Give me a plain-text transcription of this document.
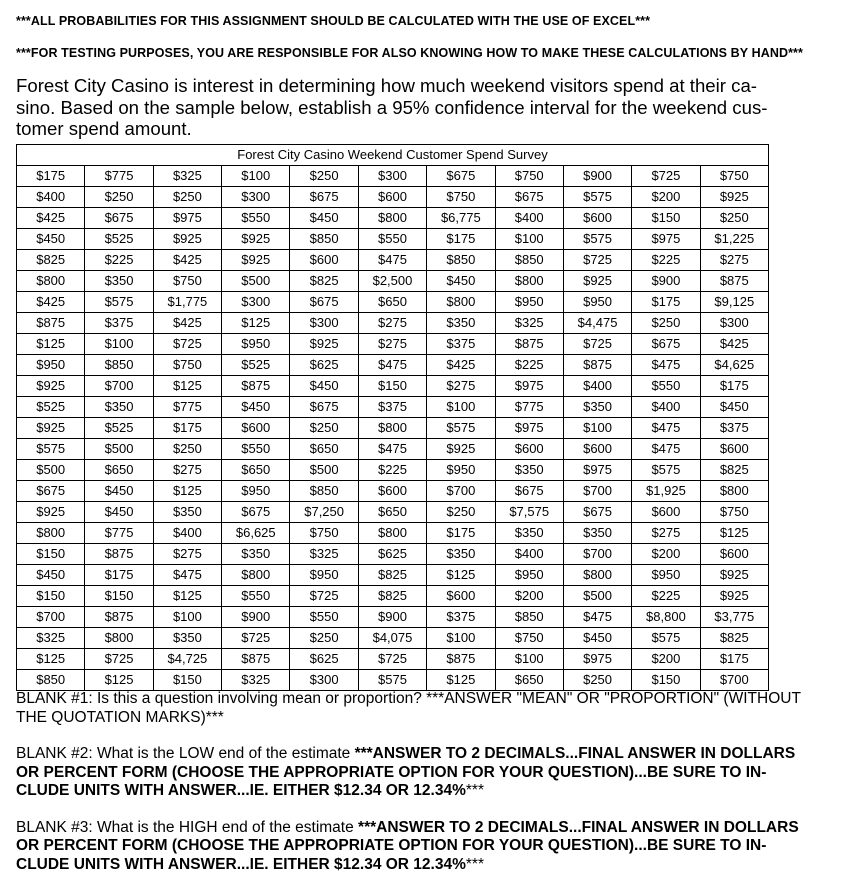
***ALL PROBABILITIES FOR THIS ASSIGNMENT SHOULD BE CALCULATED WITH THE USE OF EXCEL***
***FOR TESTING PURPOSES, YOU ARE RESPONSIBLE FOR ALSO KNOWING HOW TO MAKE THESE CALCULATIONS BY HAND***
Forest City Casino is interest in determining how much weekend visitors spend at their ca-
sino. Based on the sample below, establish a 95% confidence interval for the weekend cus-
tomer spend amount.
Forest City Casino Weekend Customer Spend Survey										
$175	$775	$325	$100	$250	$300	$675	$750	$900	$725	$750
$400	$250	$250	$300	$675	$600	$750	$675	$575	$200	$925
$425	$675	$975	$550	$450	$800	$6,775	$400	$600	$150	$250
$450	$525	$925	$925	$850	$550	$175	$100	$575	$975	$1,225
$825	$225	$425	$925	$600	$475	$850	$850	$725	$225	$275
$800	$350	$750	$500	$825	$2,500	$450	$800	$925	$900	$875
$425	$575	$1,775	$300	$675	$650	$800	$950	$950	$175	$9,125
$875	$375	$425	$125	$300	$275	$350	$325	$4,475	$250	$300
$125	$100	$725	$950	$925	$275	$375	$875	$725	$675	$425
$950	$850	$750	$525	$625	$475	$425	$225	$875	$475	$4,625
$925	$700	$125	$875	$450	$150	$275	$975	$400	$550	$175
$525	$350	$775	$450	$675	$375	$100	$775	$350	$400	$450
$925	$525	$175	$600	$250	$800	$575	$975	$100	$475	$375
$575	$500	$250	$550	$650	$475	$925	$600	$600	$475	$600
$500	$650	$275	$650	$500	$225	$950	$350	$975	$575	$825
$675	$450	$125	$950	$850	$600	$700	$675	$700	$1,925	$800
$925	$450	$350	$675	$7,250	$650	$250	$7,575	$675	$600	$750
$800	$775	$400	$6,625	$750	$800	$175	$350	$350	$275	$125
$150	$875	$275	$350	$325	$625	$350	$400	$700	$200	$600
$450	$175	$475	$800	$950	$825	$125	$950	$800	$950	$925
$150	$150	$125	$550	$725	$825	$600	$200	$500	$225	$925
$700	$875	$100	$900	$550	$900	$375	$850	$475	$8,800	$3,775
$325	$800	$350	$725	$250	$4,075	$100	$750	$450	$575	$825
$125	$725	$4,725	$875	$625	$725	$875	$100	$975	$200	$175
$850	$125	$150	$325	$300	$575	$125	$650	$250	$150	$700
BLANK #1: Is this a question involving mean or proportion? ***ANSWER "MEAN" OR "PROPORTION" (WITHOUT
THE QUOTATION MARKS)***
BLANK #2: What is the LOW end of the estimate ***ANSWER TO 2 DECIMALS...FINAL ANSWER IN DOLLARS
OR PERCENT FORM (CHOOSE THE APPROPRIATE OPTION FOR YOUR QUESTION)...BE SURE TO IN-
CLUDE UNITS WITH ANSWER...IE. EITHER $12.34 OR 12.34%***
BLANK #3: What is the HIGH end of the estimate ***ANSWER TO 2 DECIMALS...FINAL ANSWER IN DOLLARS
OR PERCENT FORM (CHOOSE THE APPROPRIATE OPTION FOR YOUR QUESTION)...BE SURE TO IN-
CLUDE UNITS WITH ANSWER...IE. EITHER $12.34 OR 12.34%***
